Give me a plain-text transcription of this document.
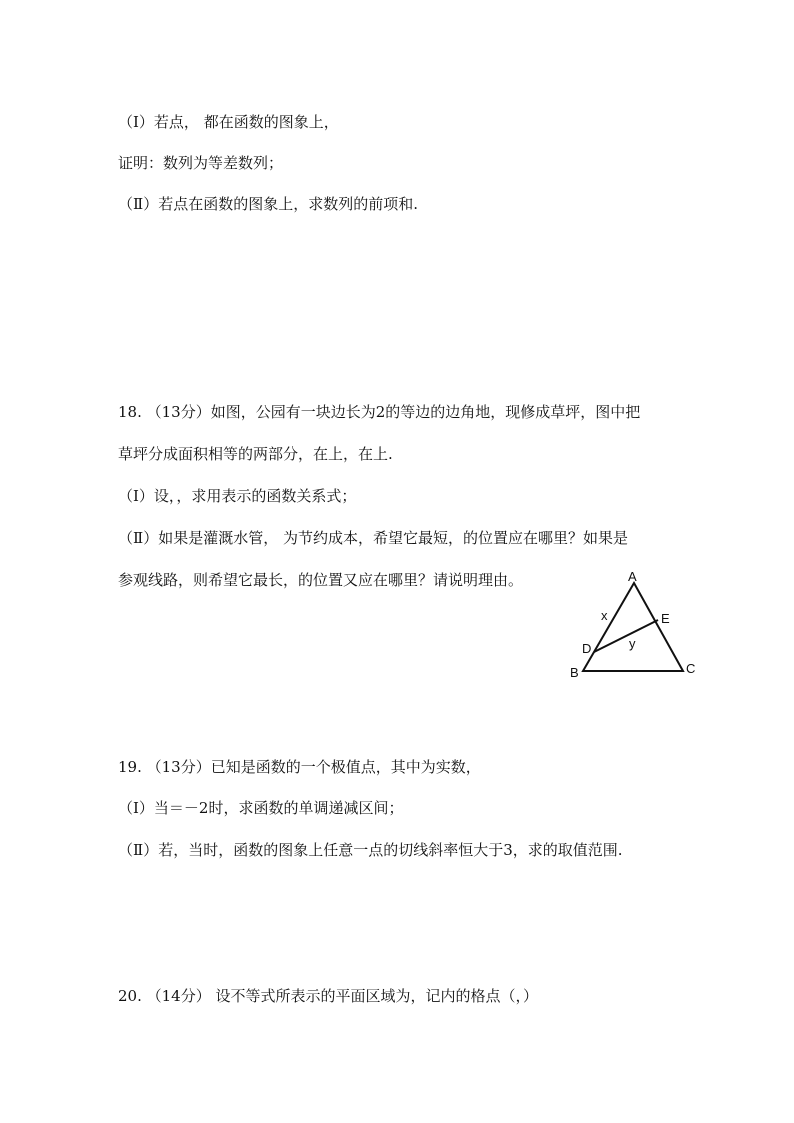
（Ⅰ）若点， 都在函数的图象上，
证明：数列为等差数列；
（Ⅱ）若点在函数的图象上，求数列的前项和.
18. （13分）如图，公园有一块边长为2的等边的边角地，现修成草坪，图中把
草坪分成面积相等的两部分，在上，在上.
（Ⅰ）设，，求用表示的函数关系式；
（Ⅱ）如果是灌溉水管， 为节约成本，希望它最短，的位置应在哪里？如果是
参观线路，则希望它最长，的位置又应在哪里？请说明理由。	A
B	C
D
E
x
y
19. （13分）已知是函数的一个极值点，其中为实数，
（Ⅰ）当＝－2时，求函数的单调递减区间；
（Ⅱ）若，当时，函数的图象上任意一点的切线斜率恒大于3，求的取值范围.
20. （14分） 设不等式所表示的平面区域为，记内的格点（，）
